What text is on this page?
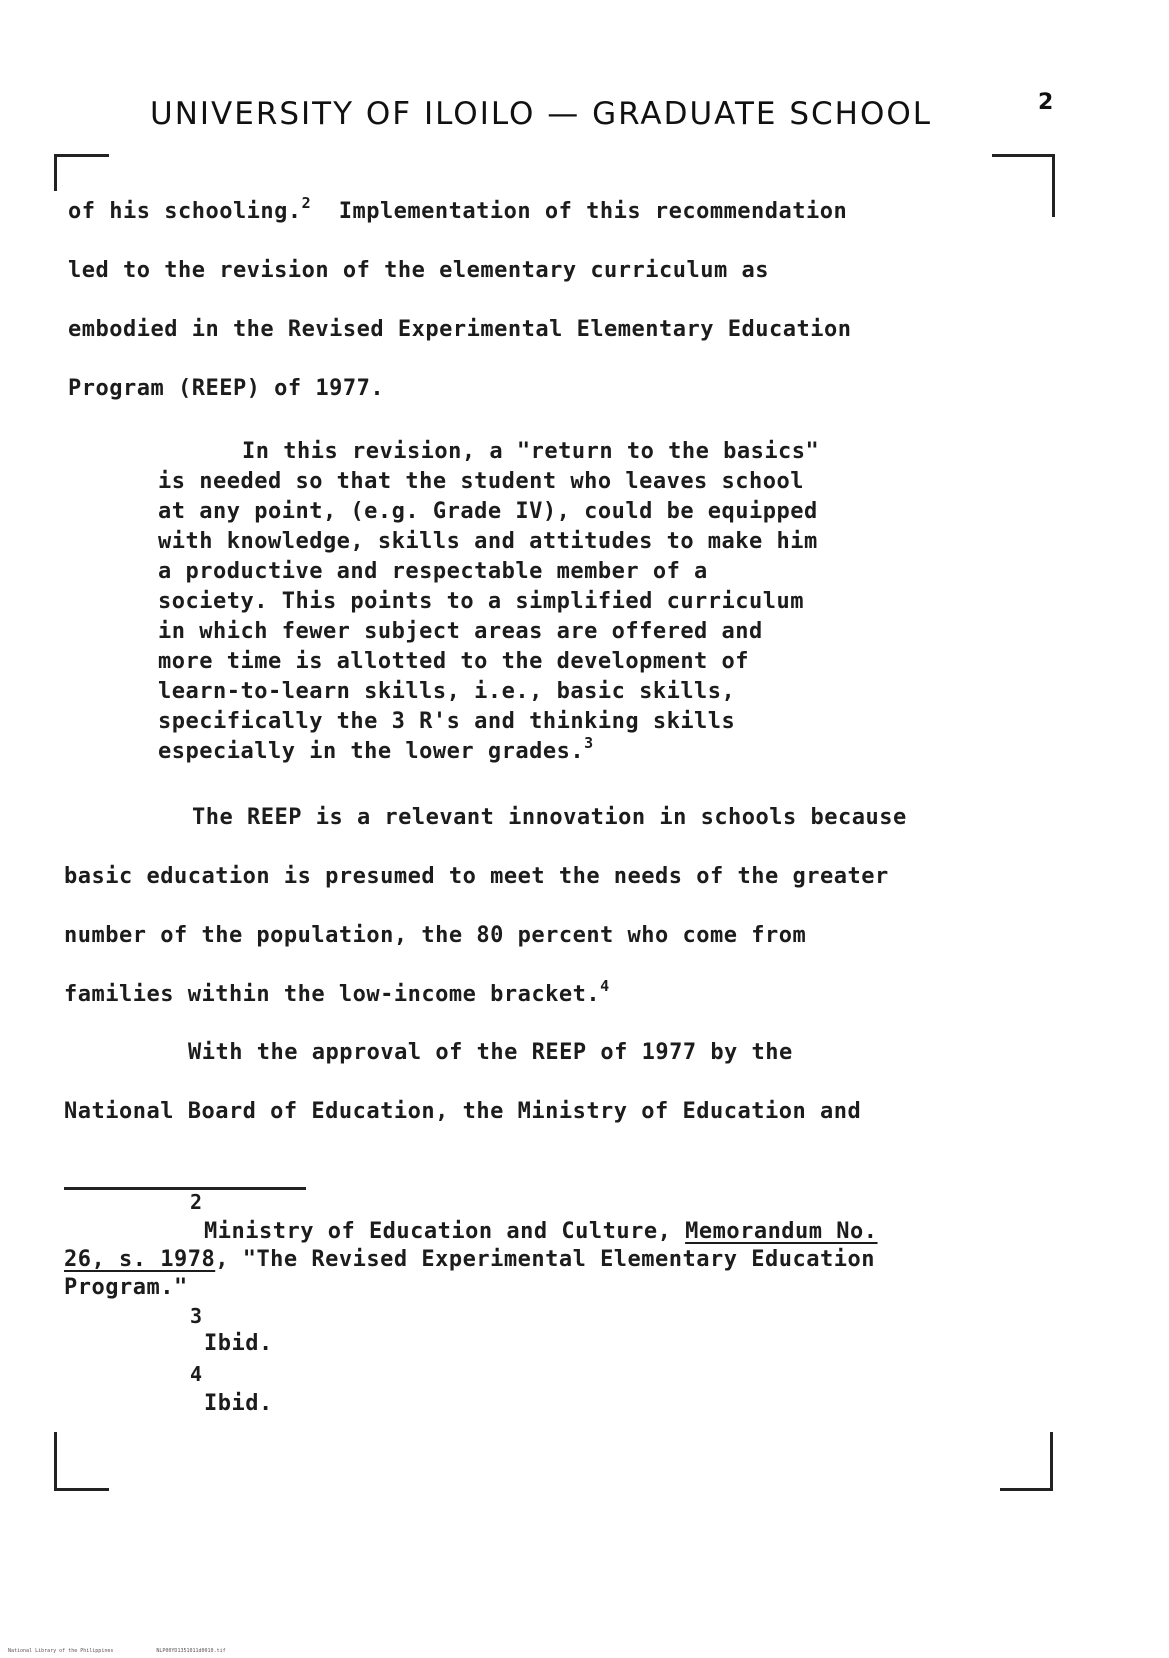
UNIVERSITY OF ILOILO — GRADUATE SCHOOL	2
of his schooling.$^2$ Implementation of this recommendation
led to the revision of the elementary curriculum as
embodied in the Revised Experimental Elementary Education
Program (REEP) of 1977.
In this revision, a "return to the basics"
is needed so that the student who leaves school
at any point, (e.g. Grade IV), could be equipped
with knowledge, skills and attitudes to make him
a productive and respectable member of a
society. This points to a simplified curriculum
in which fewer subject areas are offered and
more time is allotted to the development of
learn-to-learn skills, i.e., basic skills,
specifically the 3 R's and thinking skills
especially in the lower grades.$^3$
The REEP is a relevant innovation in schools because
basic education is presumed to meet the needs of the greater
number of the population, the 80 percent who come from
families within the low-income bracket.$^4$
With the approval of the REEP of 1977 by the
National Board of Education, the Ministry of Education and
2
Ministry of Education and Culture, Memorandum No.
26, s. 1978, "The Revised Experimental Elementary Education
Program."
3
Ibid.
4
Ibid.
National Library of the Philippines	NLP00YD1351011d0010.tif
